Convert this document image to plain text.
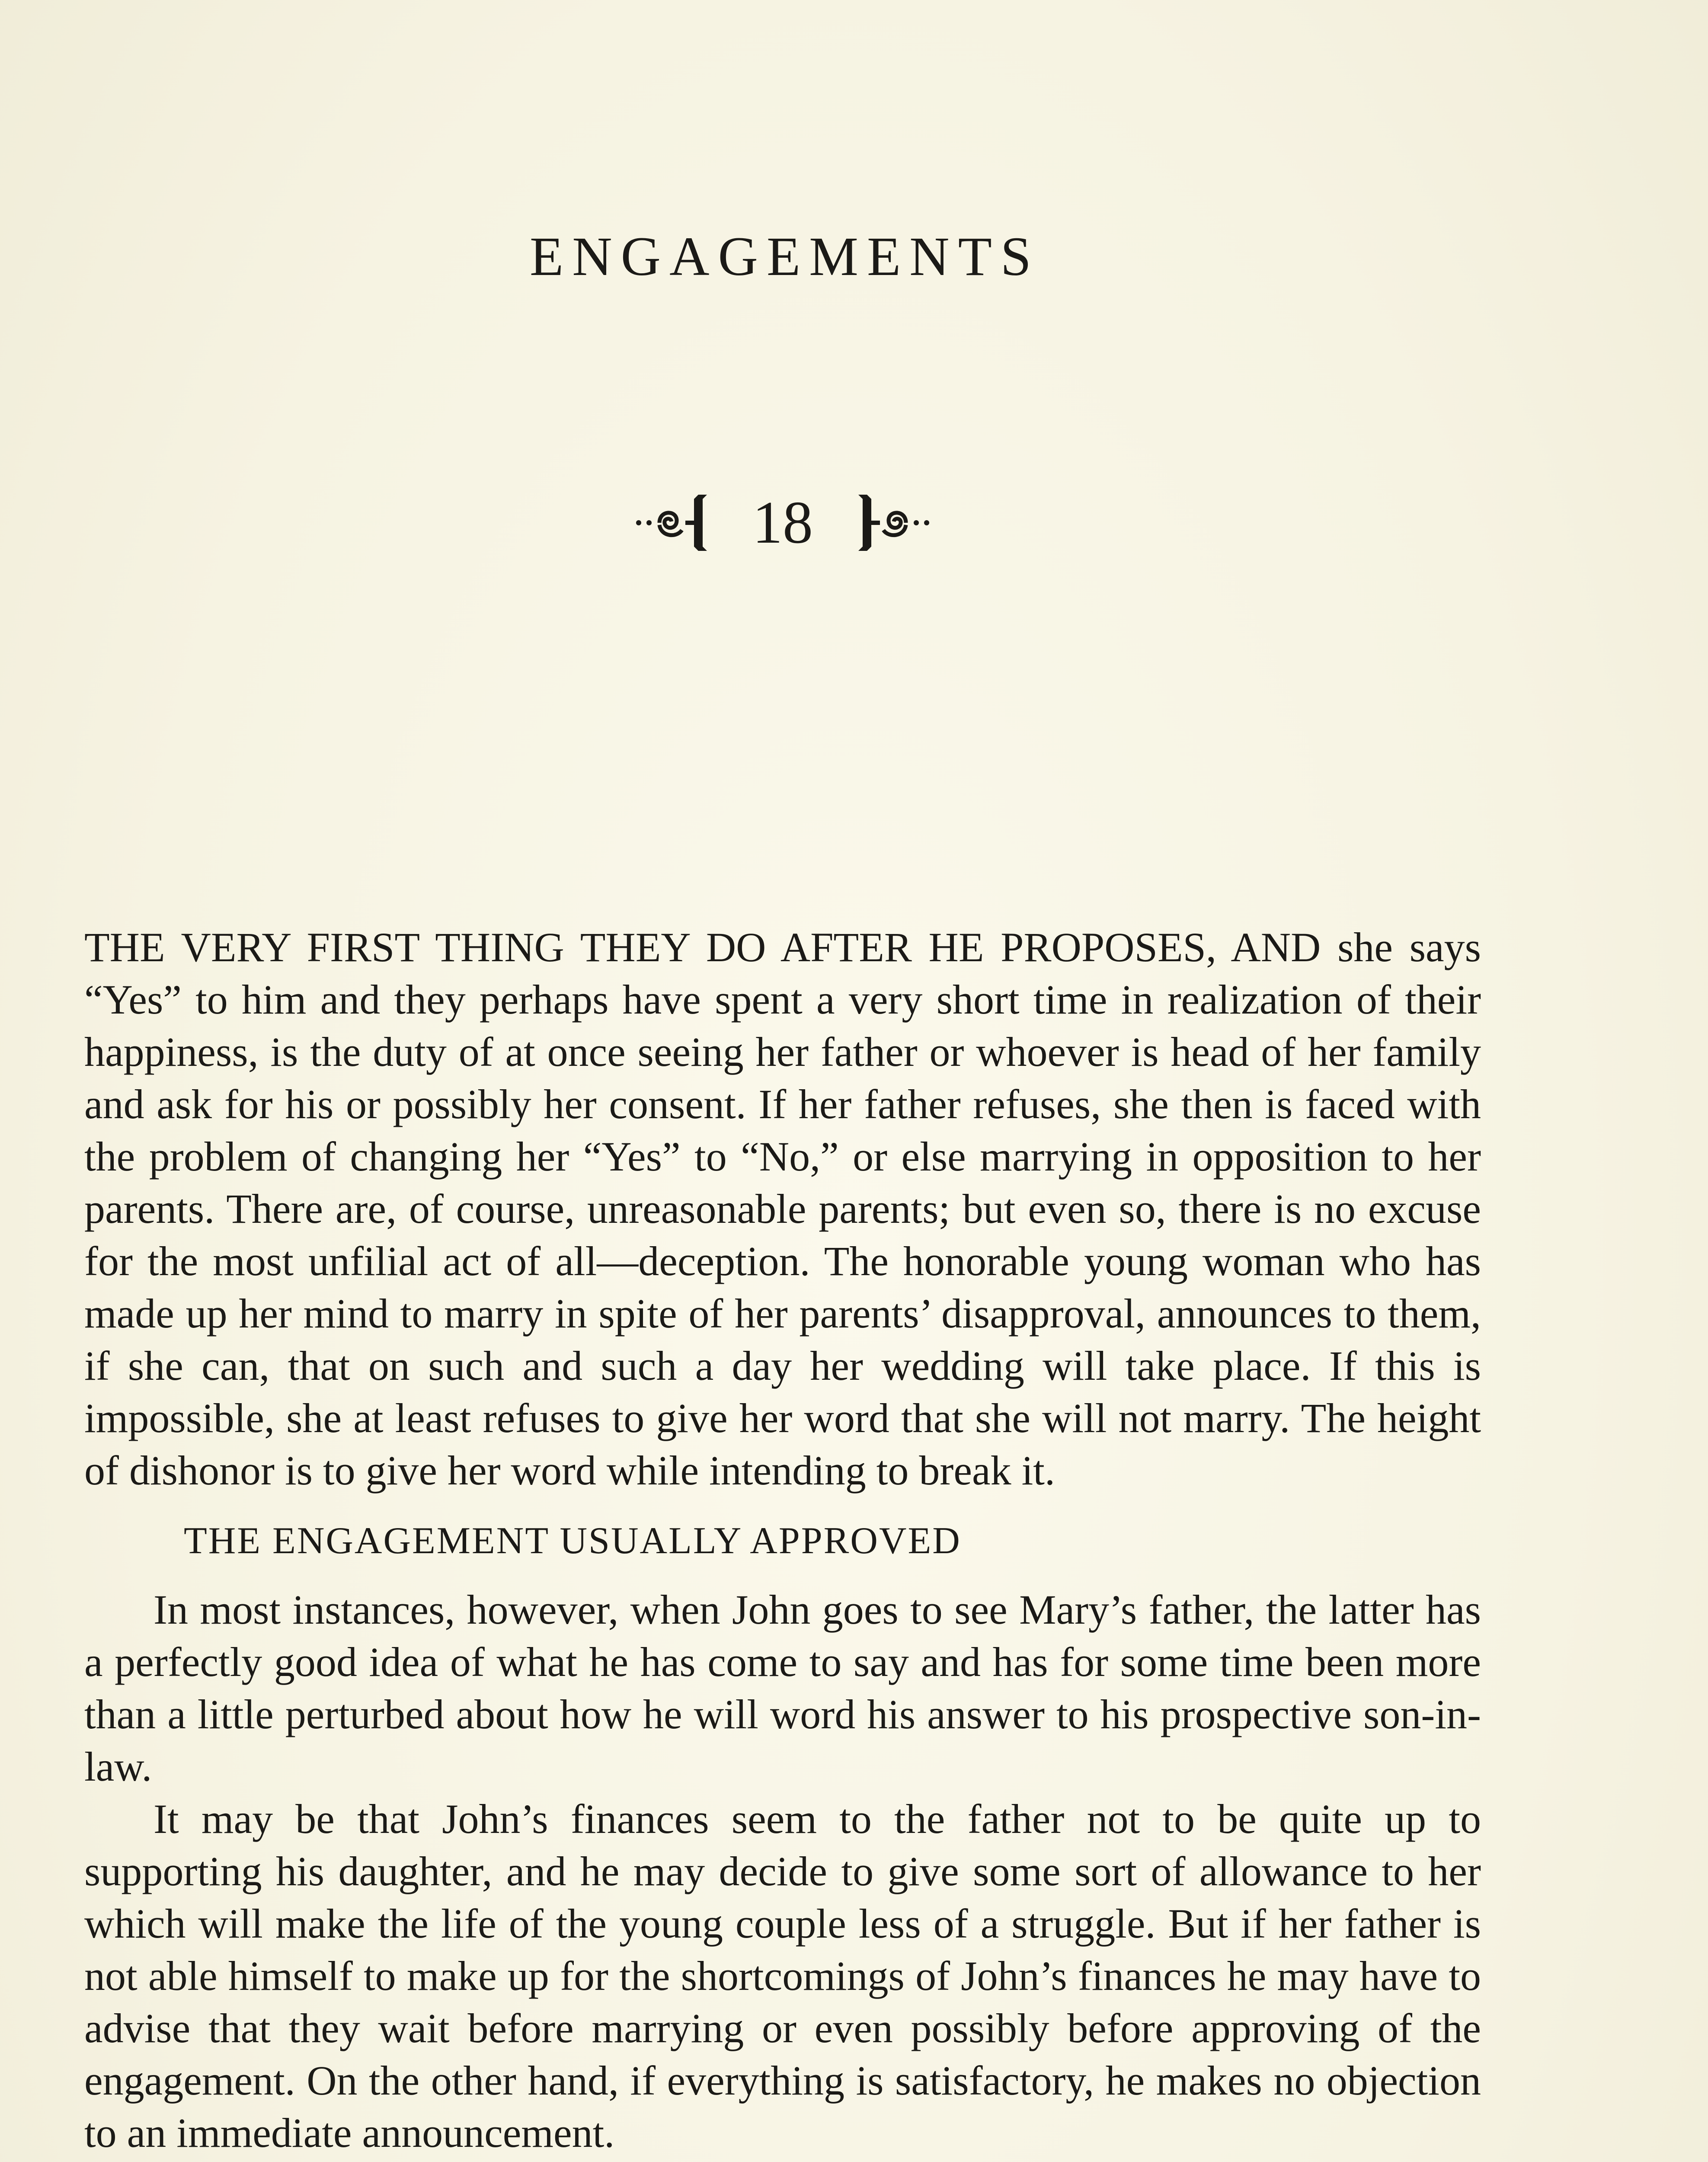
ENGAGEMENTS
18

THE VERY FIRST THING THEY DO AFTER HE PROPOSES, AND she says “Yes” to him and they perhaps have spent a very short time in realization of their happiness, is the duty of at once seeing her father or whoever is head of her family and ask for his or possibly her consent. If her father refuses, she then is faced with the problem of changing her “Yes” to “No,” or else marrying in opposition to her parents. There are, of course, unreasonable parents; but even so, there is no excuse for the most unfilial act of all—deception. The honorable young woman who has made up her mind to marry in spite of her parents’ disapproval, announces to them, if she can, that on such and such a day her wedding will take place. If this is impossible, she at least refuses to give her word that she will not marry. The height of dishonor is to give her word while intending to break it.

THE ENGAGEMENT USUALLY APPROVED

In most instances, however, when John goes to see Mary’s father, the latter has a perfectly good idea of what he has come to say and has for some time been more than a little perturbed about how he will word his answer to his prospective son-in-law.

It may be that John’s finances seem to the father not to be quite up to supporting his daughter, and he may decide to give some sort of allowance to her which will make the life of the young couple less of a struggle. But if her father is not able himself to make up for the shortcomings of John’s finances he may have to advise that they wait before marrying or even possibly before approving of the engagement. On the other hand, if everything is satisfactory, he makes no objection to an immediate announcement.
